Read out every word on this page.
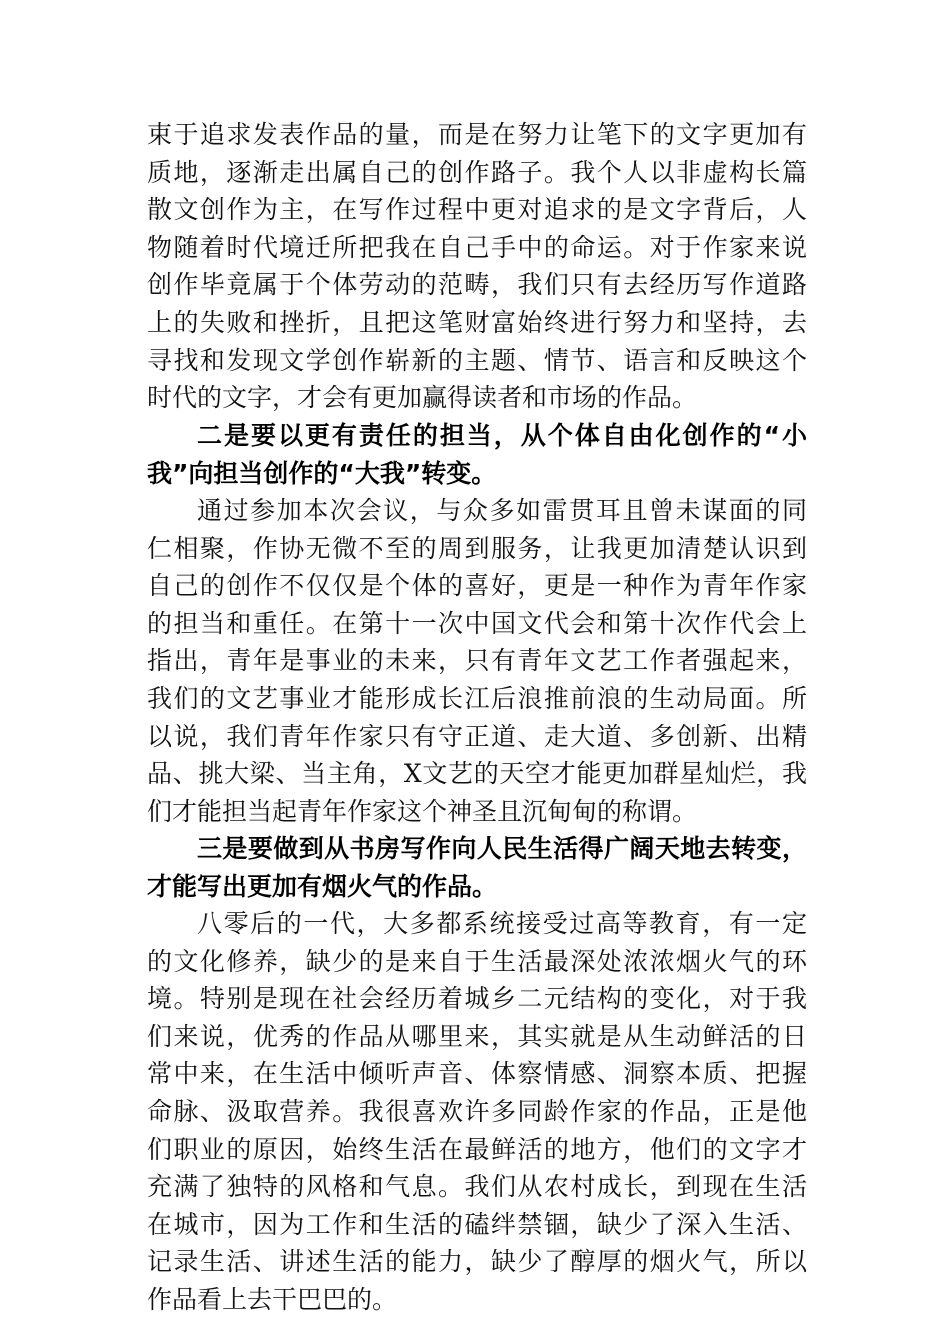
束于追求发表作品的量，而是在努力让笔下的文字更加有
质地，逐渐走出属自己的创作路子。我个人以非虚构长篇
散文创作为主，在写作过程中更对追求的是文字背后，人
物随着时代境迁所把我在自己手中的命运。对于作家来说
创作毕竟属于个体劳动的范畴，我们只有去经历写作道路
上的失败和挫折，且把这笔财富始终进行努力和坚持，去
寻找和发现文学创作崭新的主题、情节、语言和反映这个
时代的文字，才会有更加赢得读者和市场的作品。
二是要以更有责任的担当，从个体自由化创作的“小
我”向担当创作的“大我”转变。
通过参加本次会议，与众多如雷贯耳且曾未谋面的同
仁相聚，作协无微不至的周到服务，让我更加清楚认识到
自己的创作不仅仅是个体的喜好，更是一种作为青年作家
的担当和重任。在第十一次中国文代会和第十次作代会上
指出，青年是事业的未来，只有青年文艺工作者强起来，
我们的文艺事业才能形成长江后浪推前浪的生动局面。所
以说，我们青年作家只有守正道、走大道、多创新、出精
品、挑大梁、当主角，X文艺的天空才能更加群星灿烂，我
们才能担当起青年作家这个神圣且沉甸甸的称谓。
三是要做到从书房写作向人民生活得广阔天地去转变，
才能写出更加有烟火气的作品。
八零后的一代，大多都系统接受过高等教育，有一定
的文化修养，缺少的是来自于生活最深处浓浓烟火气的环
境。特别是现在社会经历着城乡二元结构的变化，对于我
们来说，优秀的作品从哪里来，其实就是从生动鲜活的日
常中来，在生活中倾听声音、体察情感、洞察本质、把握
命脉、汲取营养。我很喜欢许多同龄作家的作品，正是他
们职业的原因，始终生活在最鲜活的地方，他们的文字才
充满了独特的风格和气息。我们从农村成长，到现在生活
在城市，因为工作和生活的磕绊禁锢，缺少了深入生活、
记录生活、讲述生活的能力，缺少了醇厚的烟火气，所以
作品看上去干巴巴的。
